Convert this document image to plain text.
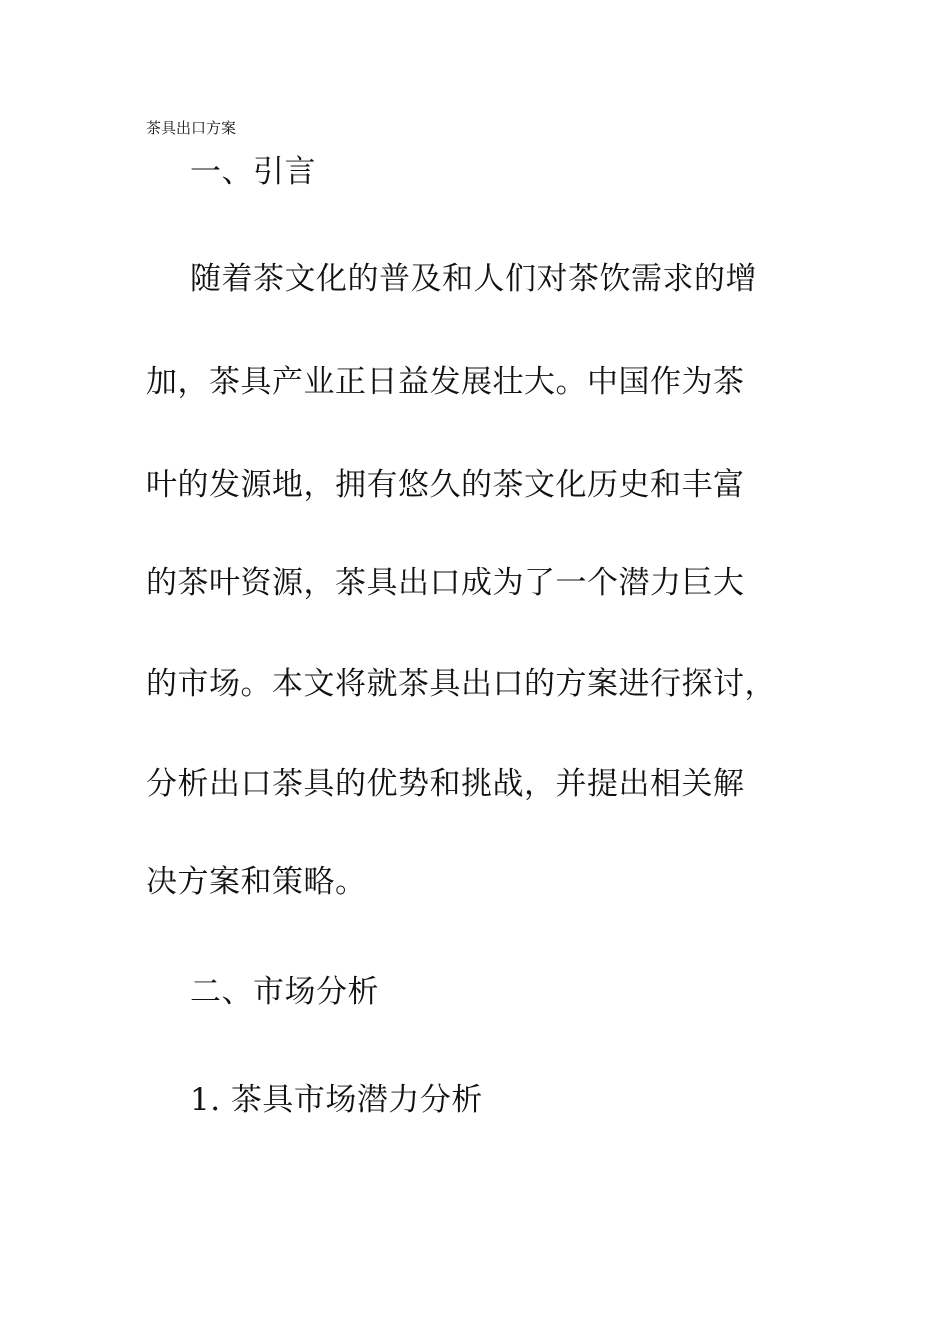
茶具出口方案
一、引言
随着茶文化的普及和人们对茶饮需求的增
加，茶具产业正日益发展壮大。中国作为茶
叶的发源地，拥有悠久的茶文化历史和丰富
的茶叶资源，茶具出口成为了一个潜力巨大
的市场。本文将就茶具出口的方案进行探讨，
分析出口茶具的优势和挑战，并提出相关解
决方案和策略。
二、市场分析
1. 茶具市场潜力分析
